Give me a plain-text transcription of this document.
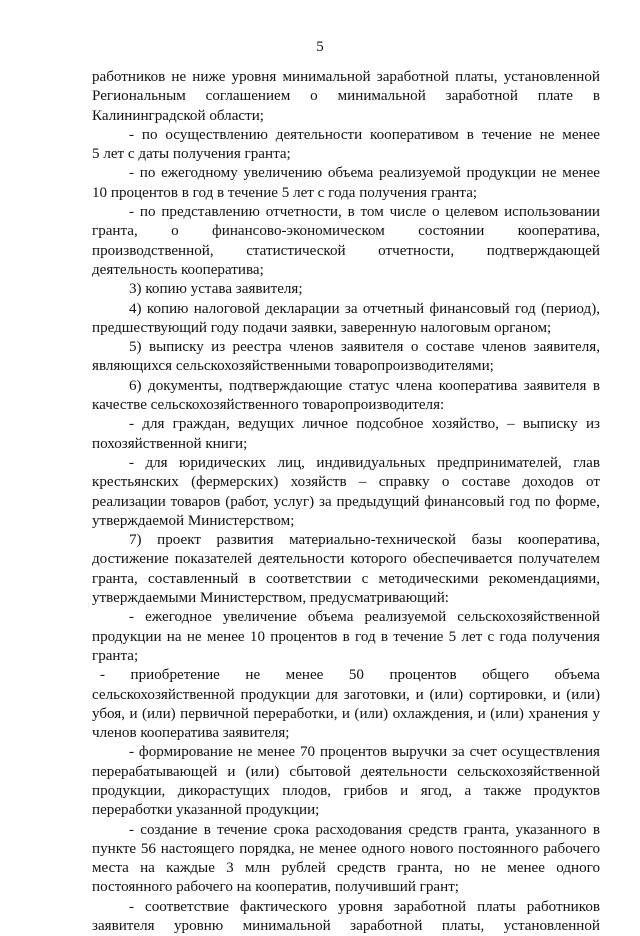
5
работников не ниже уровня минимальной заработной платы, установленной
Региональным соглашением о минимальной заработной плате в
Калининградской области;
- по осуществлению деятельности кооперативом в течение не менее
5 лет с даты получения гранта;
- по ежегодному увеличению объема реализуемой продукции не менее
10 процентов в год в течение 5 лет с года получения гранта;
- по представлению отчетности, в том числе о целевом использовании
гранта, о финансово-экономическом состоянии кооператива,
производственной, статистической отчетности, подтверждающей
деятельность кооператива;
3) копию устава заявителя;
4) копию налоговой декларации за отчетный финансовый год (период),
предшествующий году подачи заявки, заверенную налоговым органом;
5) выписку из реестра членов заявителя о составе членов заявителя,
являющихся сельскохозяйственными товаропроизводителями;
6) документы, подтверждающие статус члена кооператива заявителя в
качестве сельскохозяйственного товаропроизводителя:
- для граждан, ведущих личное подсобное хозяйство, – выписку из
похозяйственной книги;
- для юридических лиц, индивидуальных предпринимателей, глав
крестьянских (фермерских) хозяйств – справку о составе доходов от
реализации товаров (работ, услуг) за предыдущий финансовый год по форме,
утверждаемой Министерством;
7) проект развития материально-технической базы кооператива,
достижение показателей деятельности которого обеспечивается получателем
гранта, составленный в соответствии с методическими рекомендациями,
утверждаемыми Министерством, предусматривающий:
- ежегодное увеличение объема реализуемой сельскохозяйственной
продукции на не менее 10 процентов в год в течение 5 лет с года получения
гранта;
- приобретение не менее 50 процентов общего объема
сельскохозяйственной продукции для заготовки, и (или) сортировки, и (или)
убоя, и (или) первичной переработки, и (или) охлаждения, и (или) хранения у
членов кооператива заявителя;
- формирование не менее 70 процентов выручки за счет осуществления
перерабатывающей и (или) сбытовой деятельности сельскохозяйственной
продукции, дикорастущих плодов, грибов и ягод, а также продуктов
переработки указанной продукции;
- создание в течение срока расходования средств гранта, указанного в
пункте 56 настоящего порядка, не менее одного нового постоянного рабочего
места на каждые 3 млн рублей средств гранта, но не менее одного
постоянного рабочего на кооператив, получивший грант;
- соответствие фактического уровня заработной платы работников
заявителя уровню минимальной заработной платы, установленной
